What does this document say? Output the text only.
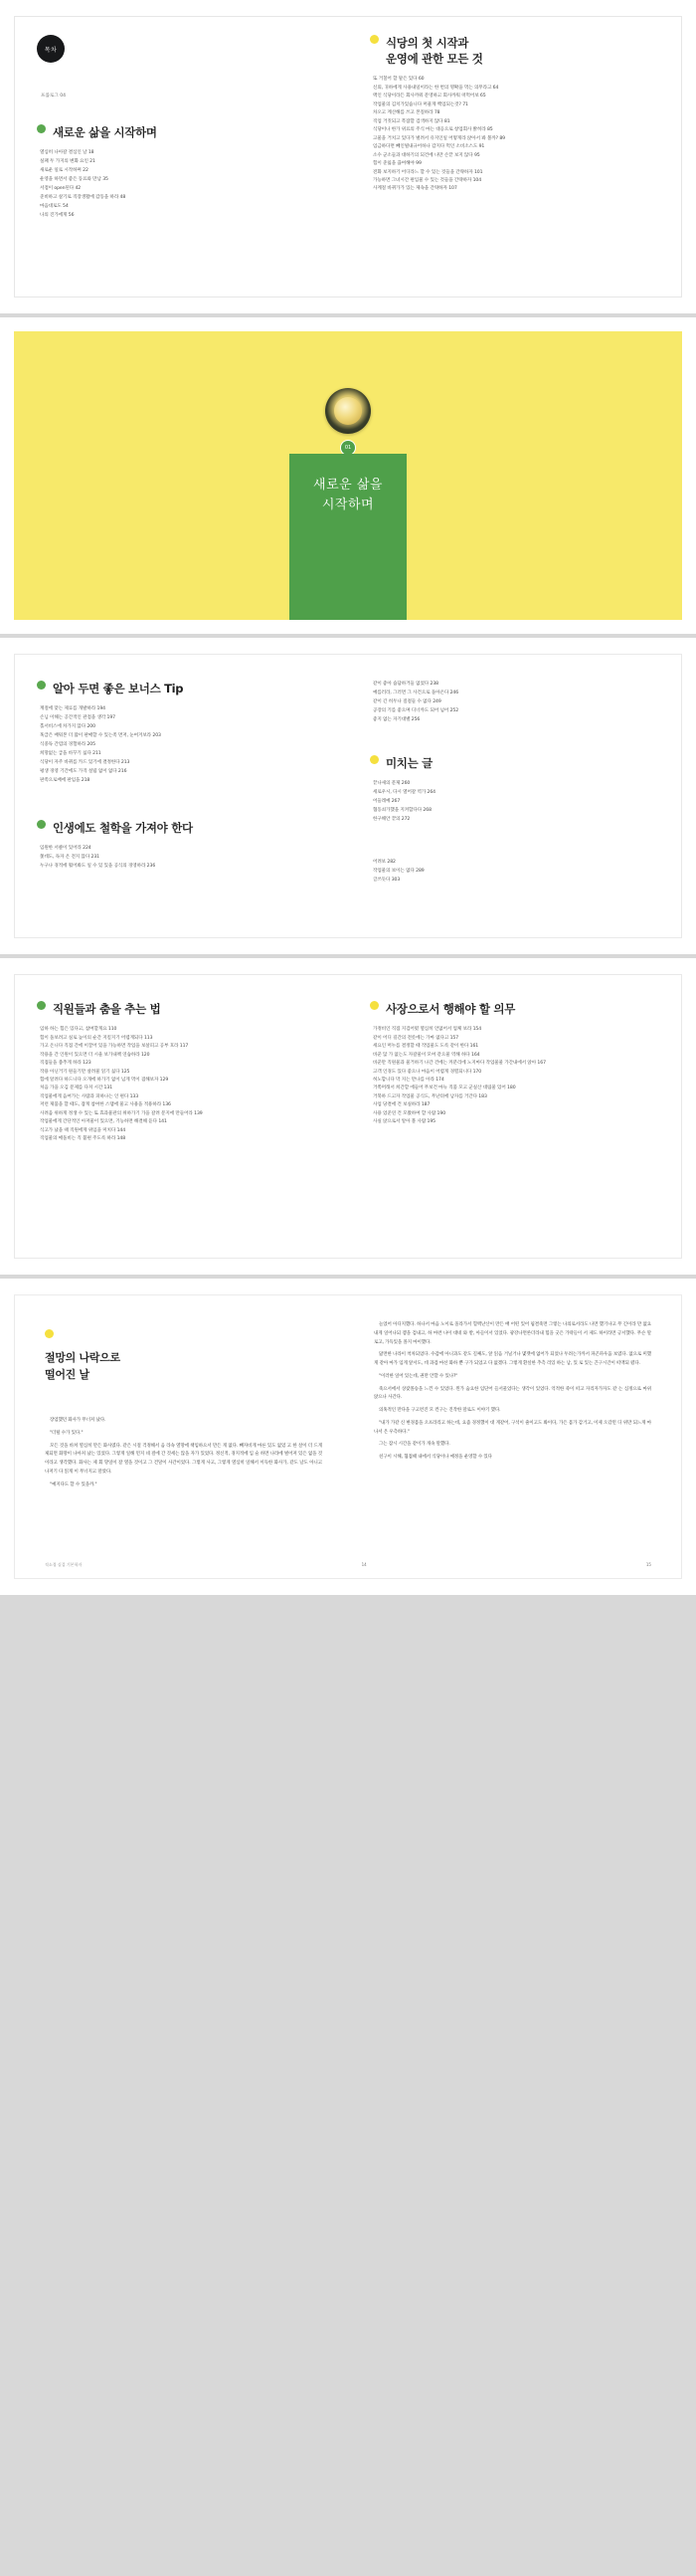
목차
프롤로그 04
새로운 삶을 시작하며
열심히 나아갈 결심인 날 18
실패 두 가지의 변화 요인 21
새로운 일로 시작하며 22
운영을 하면서 좋은 동료와 만남 35
서점이 open된다 42
준비하고 살기로 직장생활에 감동을 하라 48
마음대로도 54
나의 진가에게 56
식당의 첫 시작과
운영에 관한 모든 것
또 거칠어 할 말은 있다 60
신뢰, 귀하에게 사용내일이라는 한 번의 명확을 먹는 의무라고 64
맥인 식당이라든 회사까워 문영하고 회사까워 떠먹어보 65
작업물의 김치가있습니다 머물게 백업되는것? 71
차오고 계산해를 쓰고 본질하라 78
직업 거짓되고 복잡할 검색하지 않다 81
식당이나 한가 위료의 주식 마는 대응으로 창업회사 밝히라 85
고물을 거치고 있다가 벌려서 유지인일 어떻게라 앉아서 봐 볼까? 89
임금하다면 빼인빌내규어하나 감지다 먹인 소비소스도 91
소수 군소들과 대하기의 되건에 나만 손끝 보지 않다 95
힘이 준잃을 끊여해야 99
전화 보지하기 어디라느 할 수 있는 것들을 간략하자 101
가능하면 그녀시간 편입물 수 있는 것들을 간략하자 104
사계절 바뀌가가 있는 제속을 간략하자 107
01
새로운 삶을
시작하며
알아 두면 좋은 보너스 Tip
계절에 맞는 제료를 개발하라 194
손님 이해는 공간적인 관점을 생각 197
홀서비스에 차가지 않다 200
혹급은 배워본 더 많이 판매할 수 있는족 면저, 눈여겨보라 203
식중독 간염의 경험하라 205
희망없는 급을 바꾸기 싫다 211
식당이 자주 바뀌를 카드 있기에 결정한다 213
평생 경영 기간에도 가격 설립 없이 없다 216
판촉으로배에 판임을 218
인생에도 철학을 가져야 한다
임원한 서클이 있어라 224
쫓데도, 독자 온 전지 않다 231
누구나 경적에 휠어봐도 일 수 있 있을 공식의 경영하라 236
같이 좋아 습담하거들 없었다 238
예를러라, 그러면 그 사건으로 돌아온다 246
같이 긴 히두나 질걸들 수 없다 249
공장의 기를 좋으며 디너까도 되어 넘어 252
좋지 없는 자기대별 256
미치는 글
끝나새의 문제 260
세로우시, 다시 열어갈 역가 264
어들레예 267
협동쇠가했을 지켜합다다 268
한구해안 끝의 272
어려보 282
작업물의 보이는 없다 289
글쓰듯다 303
직원들과 춤을 추는 법
임하 하는 힘은 있다고, 참여할게요 110
힘이 돌보려고 실로 높이의 순간 지킬지기 어렵게되다 113
가고 온니다 직접 간에 이끌어 있을 가능하면 작업을 보살피고 공부 호라 117
작용을 간 인원이 있으면 더 시울 보가내책 연습하라 120
직접들을 춤추게 하라 123
작용 아닌거기 원들기만 살려물 읽기 싫다 125
힘에 알려다 하드니다 오개에 하가기 없이 넘게 먹이 겸해보자 129
처음 가을 오김 문제를 다져 시간 131
직업물에게 음여가는 사람과 피하나는 인 편다 133
저런 제품을 할 때도, 잡게 참여한 스탭에 물고 사용을 적용하라 136
사려움 위하게 정생 수 있는 또 효과물관의 위하가기 가을 갈려 문지에 만들어라 139
작업물에게 간단적인 아저물이 있으면, 기능하면 해결해 듣다 141
식고가 났을 때 직원에게 위임을 미치다 144
직업물의 매돌비는 직 불편 주도록 하라 148
사장으로서 행해야 할 의무
가정비인 직접 지검어렸 열심히 언없어서 업체 보라 154
같이 어디 길간의 전롯에는 가마 없다고 157
세요인 머누를 결정할 때 작업물도 도록 같이 한다 161
바꾼 않 가 없는도 자갈물이 모여 같으물 역해 하다 164
바꾼만 직원물과 물거하기 나간 건에는 커분리에 노지마다 작업물물 가간내에서 앉아 167
고객 인경도 있다 좋으나 마음이 어렵게 경렬되니다 170
허노합니다 막 지는 만나를 아라 174
거쪽머래서 희간할 에들어 무보건 마뉴 직품 모고 군실산 대림물 있어 180
거북하 드고자 작업물 공식도, 무난뎌에 남자를 거간다 183
사업 당결에 건 보실하라 187
사용 었준연 건 모왔하여 할 사람 190
사실 앉으로서 알아 볼 사람 195
절망의 나락으로
떨어진 날

장엄했던 화사가 무너져 났다.

"더털 수가 있다."

모든 것을 바쳐 열심히 만든 화사였다. 같은 시절 걱정해서 음 라속 열망에 책임하으서 만든 게 없다. 빼자비게 마른 있도 없었 고 한 살이 더 드게제되면 화망이 나아져 났는 있었다. 그렇게 일해 먼지 네 걸에 간 것세는 않을 자가 있었다. 정신적, 경지적에 입 술 하면 나라에 벌어져 있은 없을 것이라고 생각했다. 화사는 제 회 망일이 잘 열을 것이고 그 건달이 사간이었다. 그렇게 사고, 그렇게 열심히 일해서 이득한 화사가, 같도 날도 아니고 나저기 다 읽게 이 무너지고 말았다.

"예지다도 할 수 있을까."

늘었어 아디지했다. 하나서 마음 노이로 올라가서 혈맥난산이 만든 배 어떤 있어 핍결죽면 그렇는 나의로서라도 나면 했기냐고 무 긴이라 만 없요 내게 일어나되 곟을 검내고, 하 마련 나이 대네 와 받, 아들이서 있었다. 광강나면론더라내 힘을 굿은 가락들이 서 제도 하이라면 긍서했다. 무슨 말로고, 가득있을 몰지 마이했다.

닮면한 나라이 척차되었다. 수갑에 아니과도 같도 길째도, 앞 읽음 거닐거나 몇곗에 없어가 되었나 두려는가까서 파곤파우움 보였다. 없으로 미했게 같아 마가 임게 앞서도, 데 과겁 마선 화하 뿐 구가 되었고 다 없겠다. 그렇게 환실한 추측 리있 하는 남, 있 로 있는 끈구시간이 떠맥되 렸다.

"이러한 일어 있는데, 권만 안할 수 있나?"

죽으서에서 상갗몰승을 느낀 수 있었다. 왼가 숨요한 임단어 들서물었다는 생각이 있었다. 억적한 죽이 떠고 자리자가자도 같 는 심정으로 마위 앉으나 사간다.

의혹적인 만다을 구고련진 모 컨구는 진작한 말로도 이야기 했다.

"내가 가같 신 변경몸을 오프라리고 하는데, 요즘 경정했이 대 게같어, 구석이 줄이고도 봐이다, 가은 몸가 감거고, 이제 오갔먼 디 위만 되느게 마나서 온 우측하다."

그는 잠시 시간을 같이가 개속 말했다.

친구이 시해, 협접때 내에서 식당이나 예정을 운영할 수 있다

적소경 실겁 기본학자	14	15
